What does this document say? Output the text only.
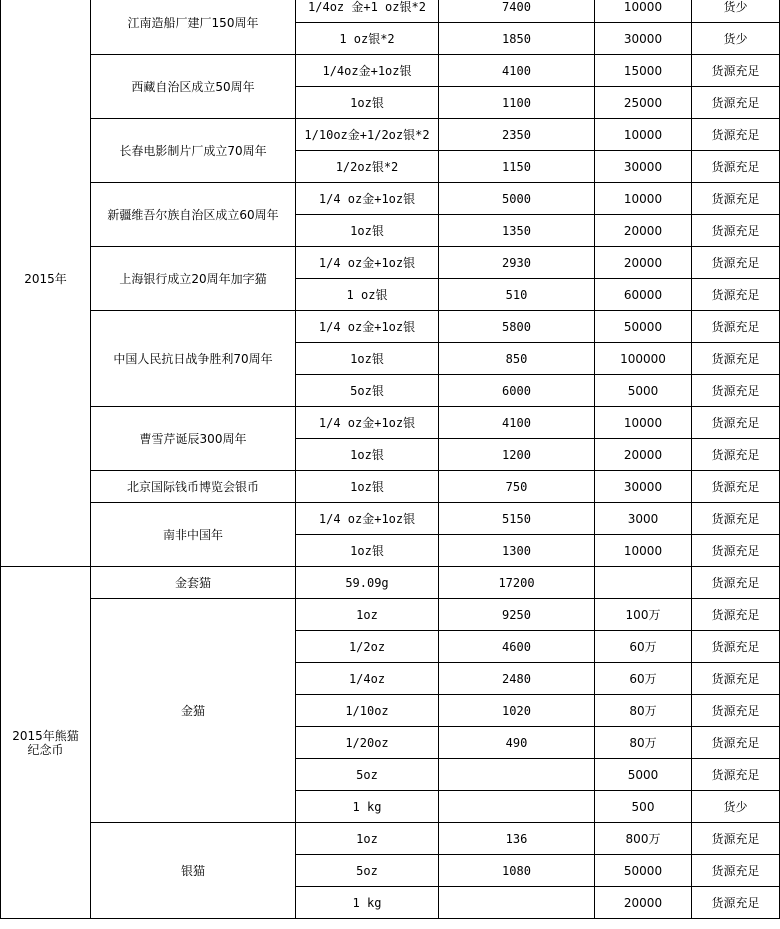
2015年	江南造船厂建厂150周年	1/4oz 金+1 oz银*2	7400	10000	货少
		1 oz银*2	1850	30000	货少
	西藏自治区成立50周年	1/4oz金+1oz银	4100	15000	货源充足
		1oz银	1100	25000	货源充足
	长春电影制片厂成立70周年	1/10oz金+1/2oz银*2	2350	10000	货源充足
		1/2oz银*2	1150	30000	货源充足
	新疆维吾尔族自治区成立60周年	1/4 oz金+1oz银	5000	10000	货源充足
		1oz银	1350	20000	货源充足
	上海银行成立20周年加字猫	1/4 oz金+1oz银	2930	20000	货源充足
		1 oz银	510	60000	货源充足
	中国人民抗日战争胜利70周年	1/4 oz金+1oz银	5800	50000	货源充足
		1oz银	850	100000	货源充足
		5oz银	6000	5000	货源充足
	曹雪芹诞辰300周年	1/4 oz金+1oz银	4100	10000	货源充足
		1oz银	1200	20000	货源充足
	北京国际钱币博览会银币	1oz银	750	30000	货源充足
	南非中国年	1/4 oz金+1oz银	5150	3000	货源充足
		1oz银	1300	10000	货源充足
2015年熊猫
纪念币	金套猫	59.09g	17200		货源充足
	金猫	1oz	9250	100万	货源充足
		1/2oz	4600	60万	货源充足
		1/4oz	2480	60万	货源充足
		1/10oz	1020	80万	货源充足
		1/20oz	490	80万	货源充足
		5oz		5000	货源充足
		1 kg		500	货少
	银猫	1oz	136	800万	货源充足
		5oz	1080	50000	货源充足
		1 kg		20000	货源充足
